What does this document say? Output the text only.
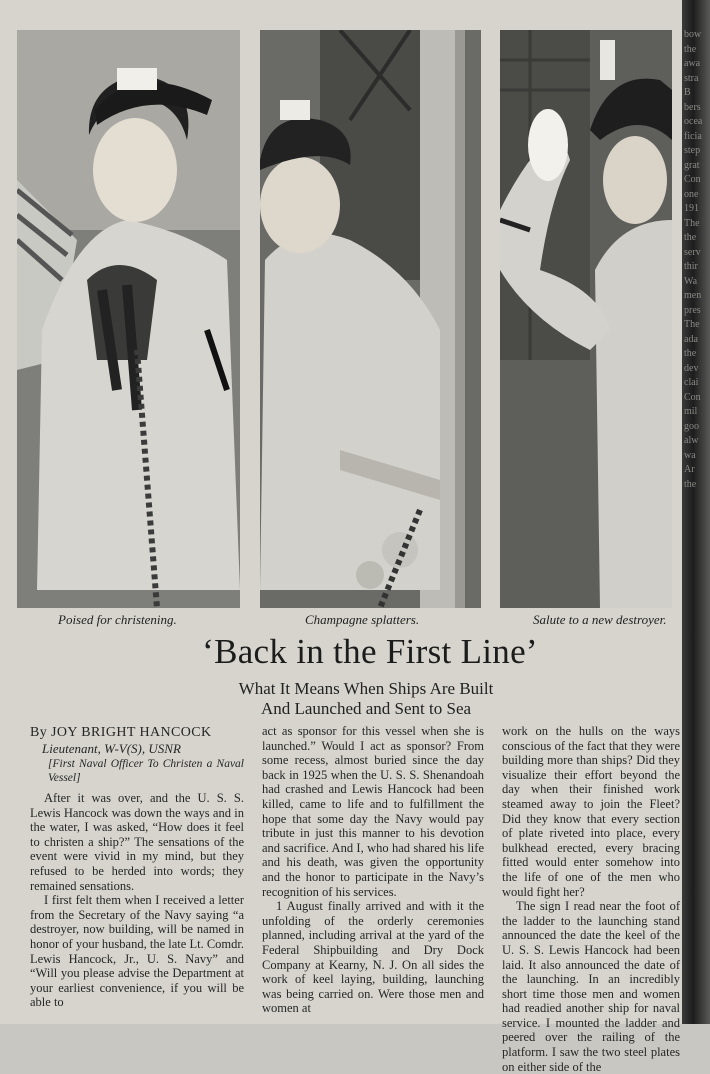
Poised for christening.	Champagne splatters.	Salute to a new destroyer.
‘Back in the First Line’
What It Means When Ships Are Built
And Launched and Sent to Sea
By JOY BRIGHT HANCOCK
Lieutenant, W-V(S), USNR
[First Naval Officer To Christen a Naval Vessel]

After it was over, and the U. S. S. Lewis Hancock was down the ways and in the water, I was asked, “How does it feel to christen a ship?” The sensations of the event were vivid in my mind, but they refused to be herded into words; they remained sensations.

I first felt them when I received a letter from the Secretary of the Navy saying “a destroyer, now building, will be named in honor of your husband, the late Lt. Comdr. Lewis Hancock, Jr., U. S. Navy” and “Will you please advise the Department at your earliest convenience, if you will be able to

act as sponsor for this vessel when she is launched.” Would I act as sponsor? From some recess, almost buried since the day back in 1925 when the U. S. S. Shenandoah had crashed and Lewis Hancock had been killed, came to life and to fulfillment the hope that some day the Navy would pay tribute in just this manner to his devotion and sacrifice. And I, who had shared his life and his death, was given the opportunity and the honor to participate in the Navy’s recognition of his services.

1 August finally arrived and with it the unfolding of the orderly ceremonies planned, including arrival at the yard of the Federal Shipbuilding and Dry Dock Company at Kearny, N. J. On all sides the work of keel laying, building, launching was being carried on. Were those men and women at

work on the hulls on the ways conscious of the fact that they were building more than ships? Did they visualize their effort beyond the day when their finished work steamed away to join the Fleet? Did they know that every section of plate riveted into place, every bulkhead erected, every bracing fitted would enter somehow into the life of one of the men who would fight her?

The sign I read near the foot of the ladder to the launching stand announced the date the keel of the U. S. S. Lewis Hancock had been laid. It also announced the date of the launching. In an incredibly short time those men and women had readied another ship for naval service. I mounted the ladder and peered over the railing of the platform. I saw the two steel plates on either side of the

bow
the
awa
stra
B
bers
ocea
ficia
step
grat
Con
one
191
The
the
serv
thir
Wa
men
pres
The
ada
the
dev
clai
Con
mil
goo
alw
wa
Ar
the
